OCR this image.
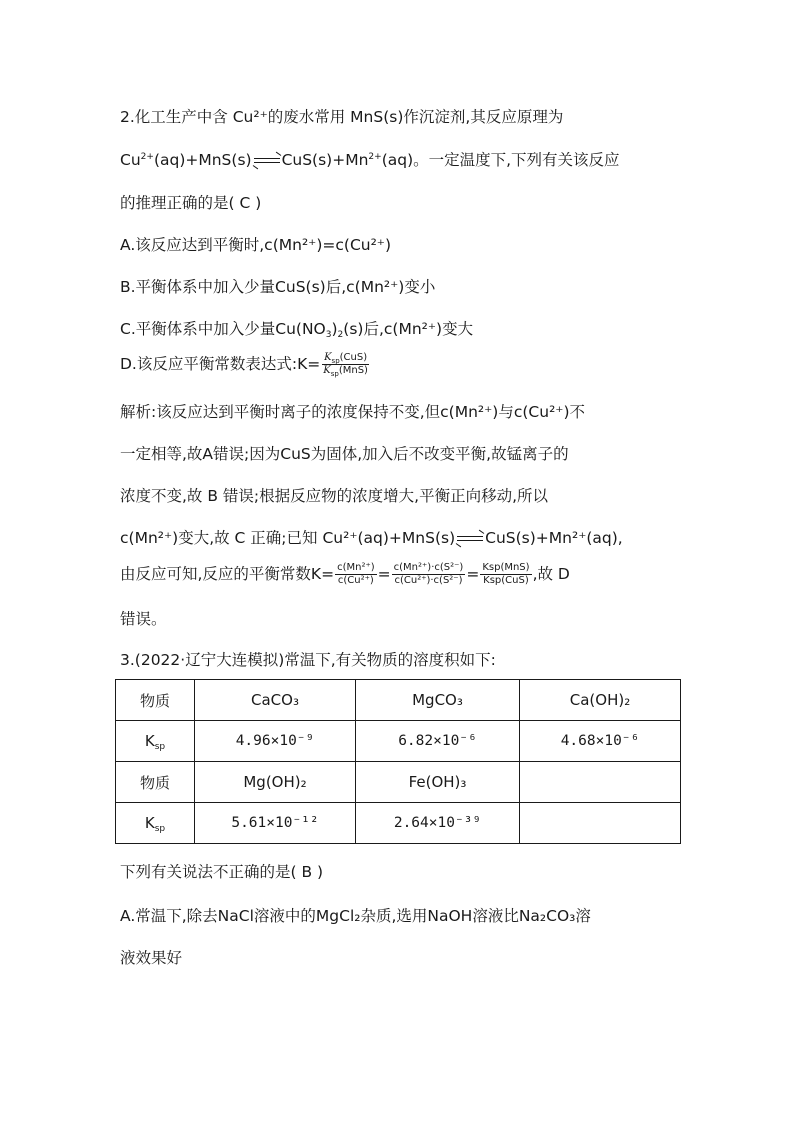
2.化工生产中含 Cu²⁺的废水常用 MnS(s)作沉淀剂,其反应原理为
$Cu^{2+}(aq)+MnS(s)$ $CuS(s)+Mn^{2+}(aq)$。一定温度下,下列有关该反应
的推理正确的是( C )
A.该反应达到平衡时,c(Mn²⁺)=c(Cu²⁺)
B.平衡体系中加入少量CuS(s)后,c(Mn²⁺)变小
C.平衡体系中加入少量$Cu(NO_3)_2(s)$后,c(Mn²⁺)变大
D.该反应平衡常数表达式:K= $\frac{K_{sp}(CuS)}{K_{sp}(MnS)}$
解析:该反应达到平衡时离子的浓度保持不变,但c(Mn²⁺)与c(Cu²⁺)不
一定相等,故A错误;因为CuS为固体,加入后不改变平衡,故锰离子的
浓度不变,故 B 错误;根据反应物的浓度增大,平衡正向移动,所以
c(Mn²⁺)变大,故 C 正确;已知 Cu²⁺(aq)+MnS(s) CuS(s)+Mn²⁺(aq),
由反应可知,反应的平衡常数$K= \frac{\text{c(Mn²⁺)}}{\text{c(Cu²⁺)}} = \frac{\text{c(Mn²⁺)·c(S²⁻)}}{\text{c(Cu²⁺)·c(S²⁻)}} = \frac{\text{Ksp(MnS)}}{\text{Ksp(CuS)}}$ ,故 D
错误。
3.(2022·辽宁大连模拟)常温下,有关物质的溶度积如下:
物质	CaCO₃	MgCO₃	Ca(OH)₂
$K_{sp}$	4.96×10⁻⁹	6.82×10⁻⁶	4.68×10⁻⁶
物质	Mg(OH)₂	Fe(OH)₃	
$K_{sp}$	5.61×10⁻¹²	2.64×10⁻³⁹	
下列有关说法不正确的是( B )
A.常温下,除去NaCl溶液中的MgCl₂杂质,选用NaOH溶液比Na₂CO₃溶
液效果好
